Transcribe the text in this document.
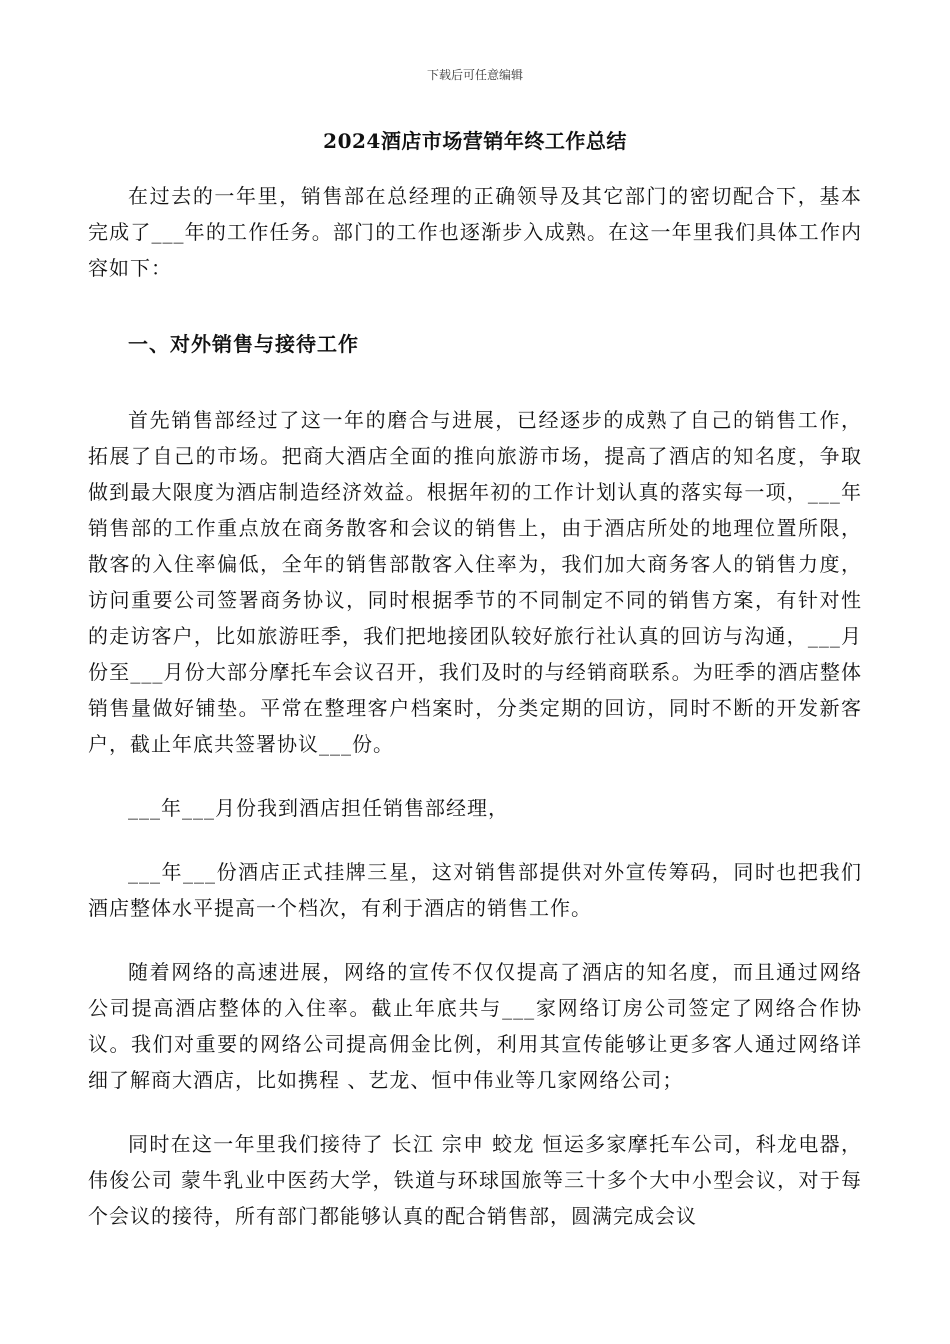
下载后可任意编辑
2024酒店市场营销年终工作总结

在过去的一年里，销售部在总经理的正确领导及其它部门的密切配合下，基本完成了___年的工作任务。部门的工作也逐渐步入成熟。在这一年里我们具体工作内容如下：

一、对外销售与接待工作

首先销售部经过了这一年的磨合与进展，已经逐步的成熟了自己的销售工作，拓展了自己的市场。把商大酒店全面的推向旅游市场，提高了酒店的知名度，争取做到最大限度为酒店制造经济效益。根据年初的工作计划认真的落实每一项，___年销售部的工作重点放在商务散客和会议的销售上，由于酒店所处的地理位置所限，散客的入住率偏低，全年的销售部散客入住率为，我们加大商务客人的销售力度，访问重要公司签署商务协议，同时根据季节的不同制定不同的销售方案，有针对性的走访客户，比如旅游旺季，我们把地接团队较好旅行社认真的回访与沟通，___月份至___月份大部分摩托车会议召开，我们及时的与经销商联系。为旺季的酒店整体销售量做好铺垫。平常在整理客户档案时，分类定期的回访，同时不断的开发新客户，截止年底共签署协议___份。

___年___月份我到酒店担任销售部经理，

___年___份酒店正式挂牌三星，这对销售部提供对外宣传筹码，同时也把我们酒店整体水平提高一个档次，有利于酒店的销售工作。

随着网络的高速进展，网络的宣传不仅仅提高了酒店的知名度，而且通过网络公司提高酒店整体的入住率。截止年底共与___家网络订房公司签定了网络合作协议。我们对重要的网络公司提高佣金比例，利用其宣传能够让更多客人通过网络详细了解商大酒店，比如携程 、艺龙、恒中伟业等几家网络公司；

同时在这一年里我们接待了 长江 宗申 蛟龙 恒运多家摩托车公司，科龙电器，伟俊公司 蒙牛乳业中医药大学，铁道与环球国旅等三十多个大中小型会议，对于每个会议的接待，所有部门都能够认真的配合销售部，圆满完成会议
